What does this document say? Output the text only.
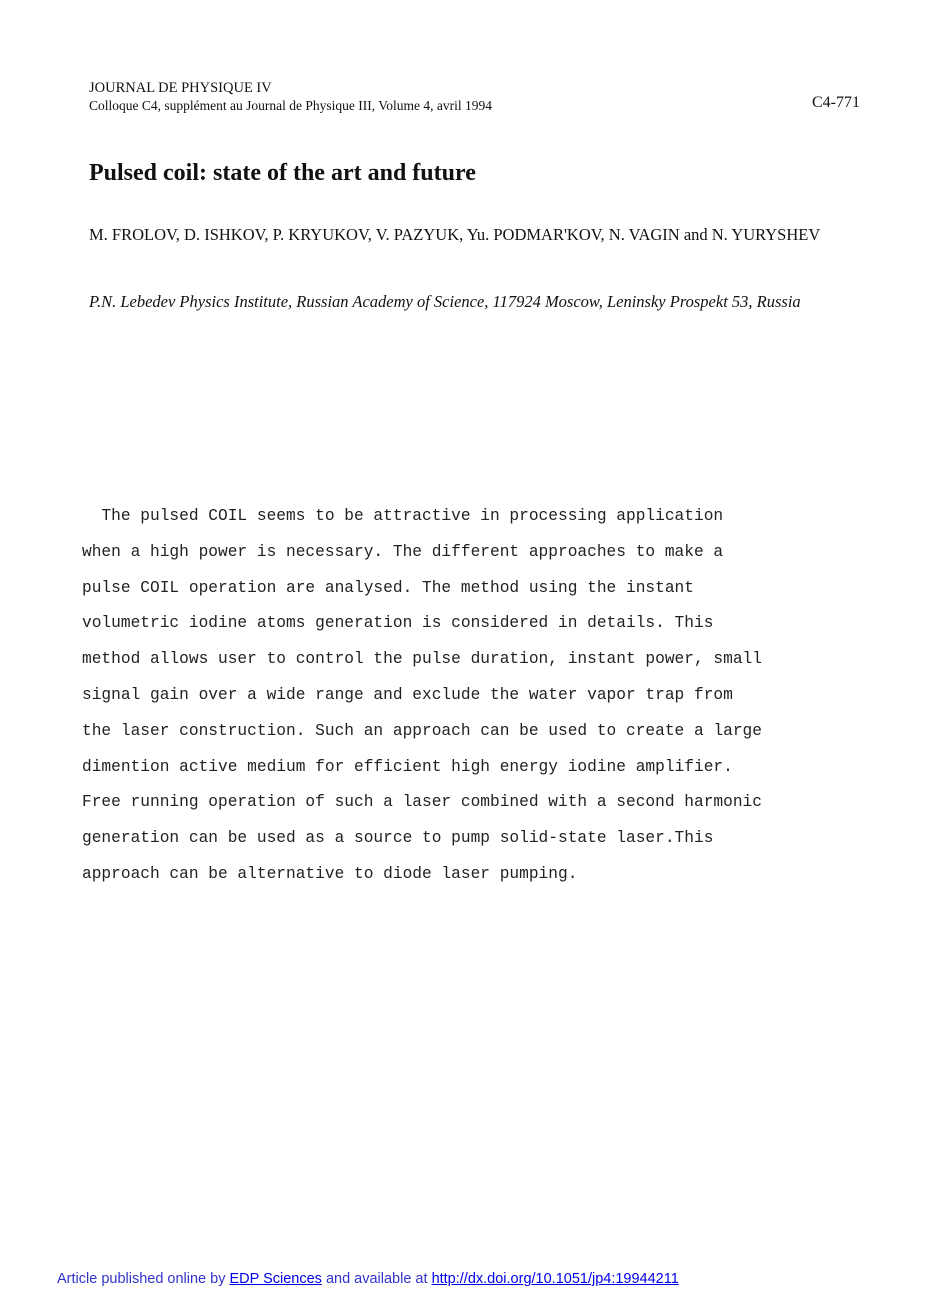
JOURNAL DE PHYSIQUE IV
Colloque C4, supplément au Journal de Physique III, Volume 4, avril 1994	C4-771
Pulsed coil: state of the art and future
M. FROLOV, D. ISHKOV, P. KRYUKOV, V. PAZYUK, Yu. PODMAR'KOV, N. VAGIN and N. YURYSHEV
P.N. Lebedev Physics Institute, Russian Academy of Science, 117924 Moscow, Leninsky Prospekt 53, Russia
The pulsed COIL seems to be attractive in processing application
when a high power is necessary. The different approaches to make a
pulse COIL operation are analysed. The method using the instant
volumetric iodine atoms generation is considered in details. This
method allows user to control the pulse duration, instant power, small
signal gain over a wide range and exclude the water vapor trap from
the laser construction. Such an approach can be used to create a large
dimention active medium for efficient high energy iodine amplifier.
Free running operation of such a laser combined with a second harmonic
generation can be used as a source to pump solid-state laser.This
approach can be alternative to diode laser pumping.
Article published online by EDP Sciences and available at http://dx.doi.org/10.1051/jp4:19944211
